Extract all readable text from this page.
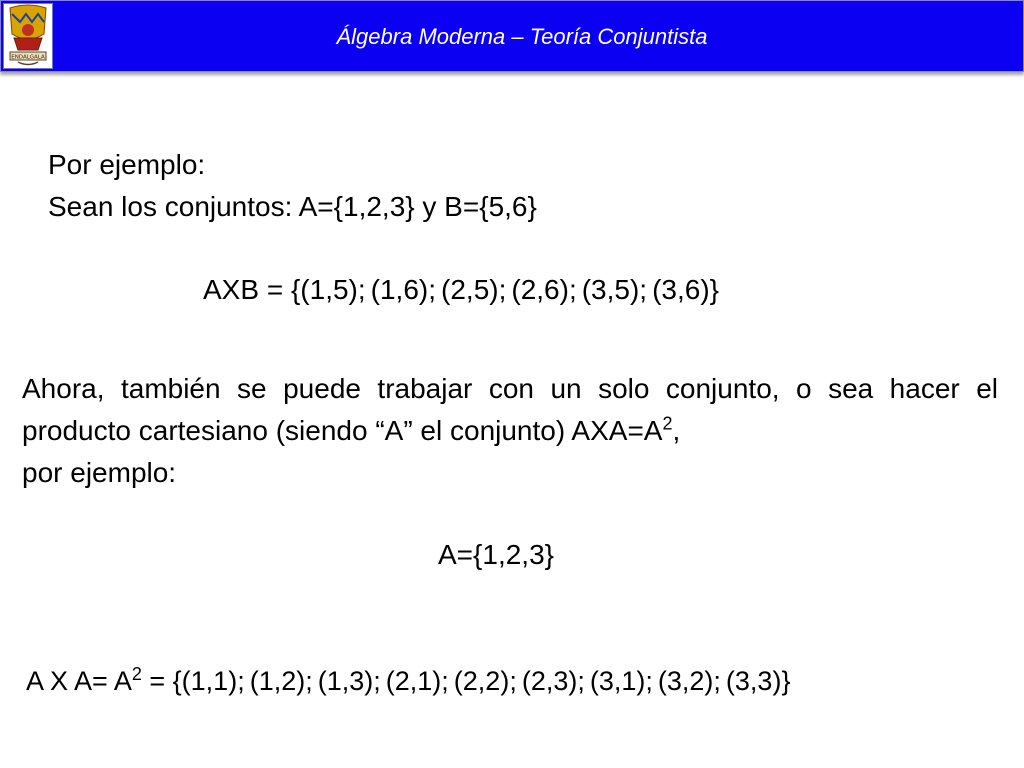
ENDALGALA
Álgebra Moderna – Teoría Conjuntista
Por ejemplo:
Sean los conjuntos: A={1,2,3} y B={5,6}
AXB = {(1,5); (1,6); (2,5); (2,6); (3,5); (3,6)}
Ahora, también se puede trabajar con un solo conjunto, o sea hacer el producto cartesiano (siendo “A” el conjunto) $AXA=A^2$,
por ejemplo:
A={1,2,3}
A X $A= A^2 = \{(1,1)$; (1,2); (1,3); (2,1); (2,2); (2,3); (3,1); (3,2); (3,3)}
